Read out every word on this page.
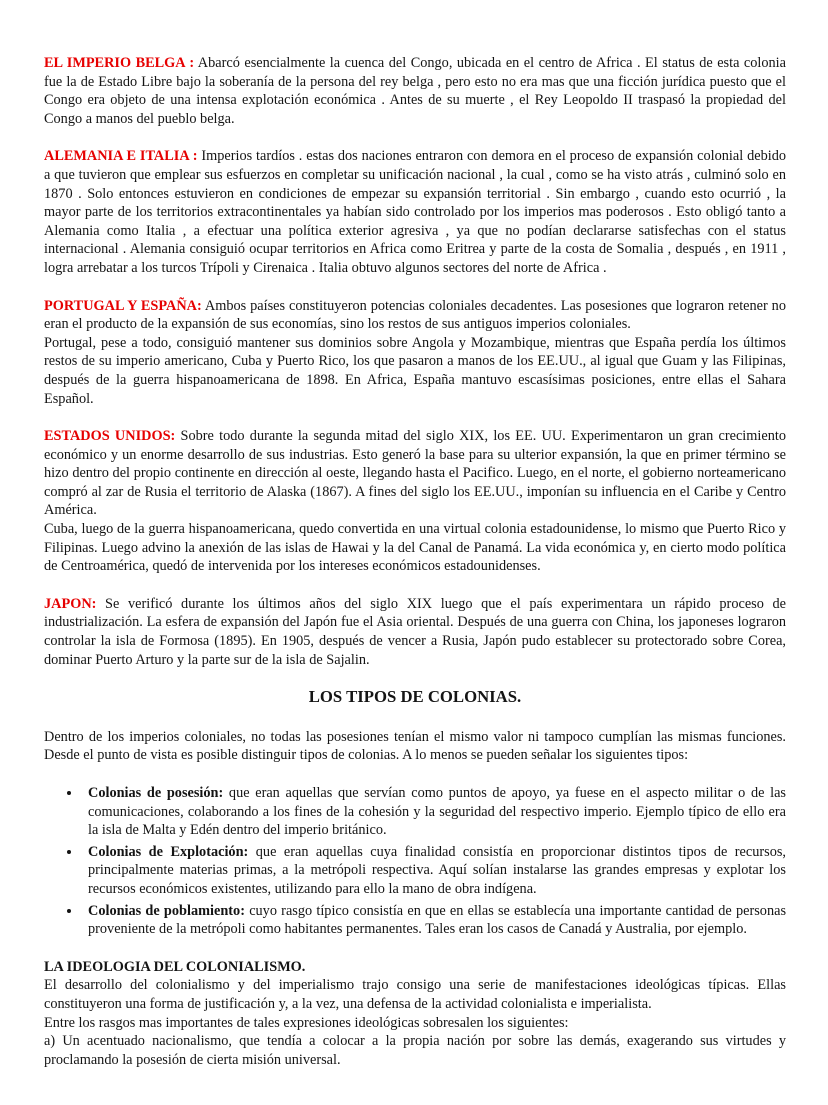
EL IMPERIO BELGA : Abarcó esencialmente la cuenca del Congo, ubicada en el centro de Africa . El status de esta colonia fue la de Estado Libre bajo la soberanía de la persona del rey belga , pero esto no era mas que una ficción jurídica puesto que el Congo era objeto de una intensa explotación económica . Antes de su muerte , el Rey Leopoldo II traspasó la propiedad del Congo a manos del pueblo belga.

ALEMANIA E ITALIA : Imperios tardíos . estas dos naciones entraron con demora en el proceso de expansión colonial debido a que tuvieron que emplear sus esfuerzos en completar su unificación nacional , la cual , como se ha visto atrás , culminó solo en 1870 . Solo entonces estuvieron en condiciones de empezar su expansión territorial . Sin embargo , cuando esto ocurrió , la mayor parte de los territorios extracontinentales ya habían sido controlado por los imperios mas poderosos . Esto obligó tanto a Alemania como Italia , a efectuar una política exterior agresiva , ya que no podían declararse satisfechas con el status internacional . Alemania consiguió ocupar territorios en Africa como Eritrea y parte de la costa de Somalia , después , en 1911 , logra arrebatar a los turcos Trípoli y Cirenaica . Italia obtuvo algunos sectores del norte de Africa .

PORTUGAL Y ESPAÑA: Ambos países constituyeron potencias coloniales decadentes. Las posesiones que lograron retener no eran el producto de la expansión de sus economías, sino los restos de sus antiguos imperios coloniales.

Portugal, pese a todo, consiguió mantener sus dominios sobre Angola y Mozambique, mientras que España perdía los últimos restos de su imperio americano, Cuba y Puerto Rico, los que pasaron a manos de los EE.UU., al igual que Guam y las Filipinas, después de la guerra hispanoamericana de 1898. En Africa, España mantuvo escasísimas posiciones, entre ellas el Sahara Español.

ESTADOS UNIDOS: Sobre todo durante la segunda mitad del siglo XIX, los EE. UU. Experimentaron un gran crecimiento económico y un enorme desarrollo de sus industrias. Esto generó la base para su ulterior expansión, la que en primer término se hizo dentro del propio continente en dirección al oeste, llegando hasta el Pacifico. Luego, en el norte, el gobierno norteamericano compró al zar de Rusia el territorio de Alaska (1867). A fines del siglo los EE.UU., imponían su influencia en el Caribe y Centro América.

Cuba, luego de la guerra hispanoamericana, quedo convertida en una virtual colonia estadounidense, lo mismo que Puerto Rico y Filipinas. Luego advino la anexión de las islas de Hawai y la del Canal de Panamá. La vida económica y, en cierto modo política de Centroamérica, quedó de intervenida por los intereses económicos estadounidenses.

JAPON: Se verificó durante los últimos años del siglo XIX luego que el país experimentara un rápido proceso de industrialización. La esfera de expansión del Japón fue el Asia oriental. Después de una guerra con China, los japoneses lograron controlar la isla de Formosa (1895). En 1905, después de vencer a Rusia, Japón pudo establecer su protectorado sobre Corea, dominar Puerto Arturo y la parte sur de la isla de Sajalin.

LOS TIPOS DE COLONIAS.

Dentro de los imperios coloniales, no todas las posesiones tenían el mismo valor ni tampoco cumplían las mismas funciones. Desde el punto de vista es posible distinguir tipos de colonias. A lo menos se pueden señalar los siguientes tipos:

• Colonias de posesión: que eran aquellas que servían como puntos de apoyo, ya fuese en el aspecto militar o de las comunicaciones, colaborando a los fines de la cohesión y la seguridad del respectivo imperio. Ejemplo típico de ello era la isla de Malta y Edén dentro del imperio británico.
• Colonias de Explotación: que eran aquellas cuya finalidad consistía en proporcionar distintos tipos de recursos, principalmente materias primas, a la metrópoli respectiva. Aquí solían instalarse las grandes empresas y explotar los recursos económicos existentes, utilizando para ello la mano de obra indígena.
• Colonias de poblamiento: cuyo rasgo típico consistía en que en ellas se establecía una importante cantidad de personas proveniente de la metrópoli como habitantes permanentes. Tales eran los casos de Canadá y Australia, por ejemplo.
LA IDEOLOGIA DEL COLONIALISMO.

El desarrollo del colonialismo y del imperialismo trajo consigo una serie de manifestaciones ideológicas típicas. Ellas constituyeron una forma de justificación y, a la vez, una defensa de la actividad colonialista e imperialista.

Entre los rasgos mas importantes de tales expresiones ideológicas sobresalen los siguientes:

a) Un acentuado nacionalismo, que tendía a colocar a la propia nación por sobre las demás, exagerando sus virtudes y proclamando la posesión de cierta misión universal.
